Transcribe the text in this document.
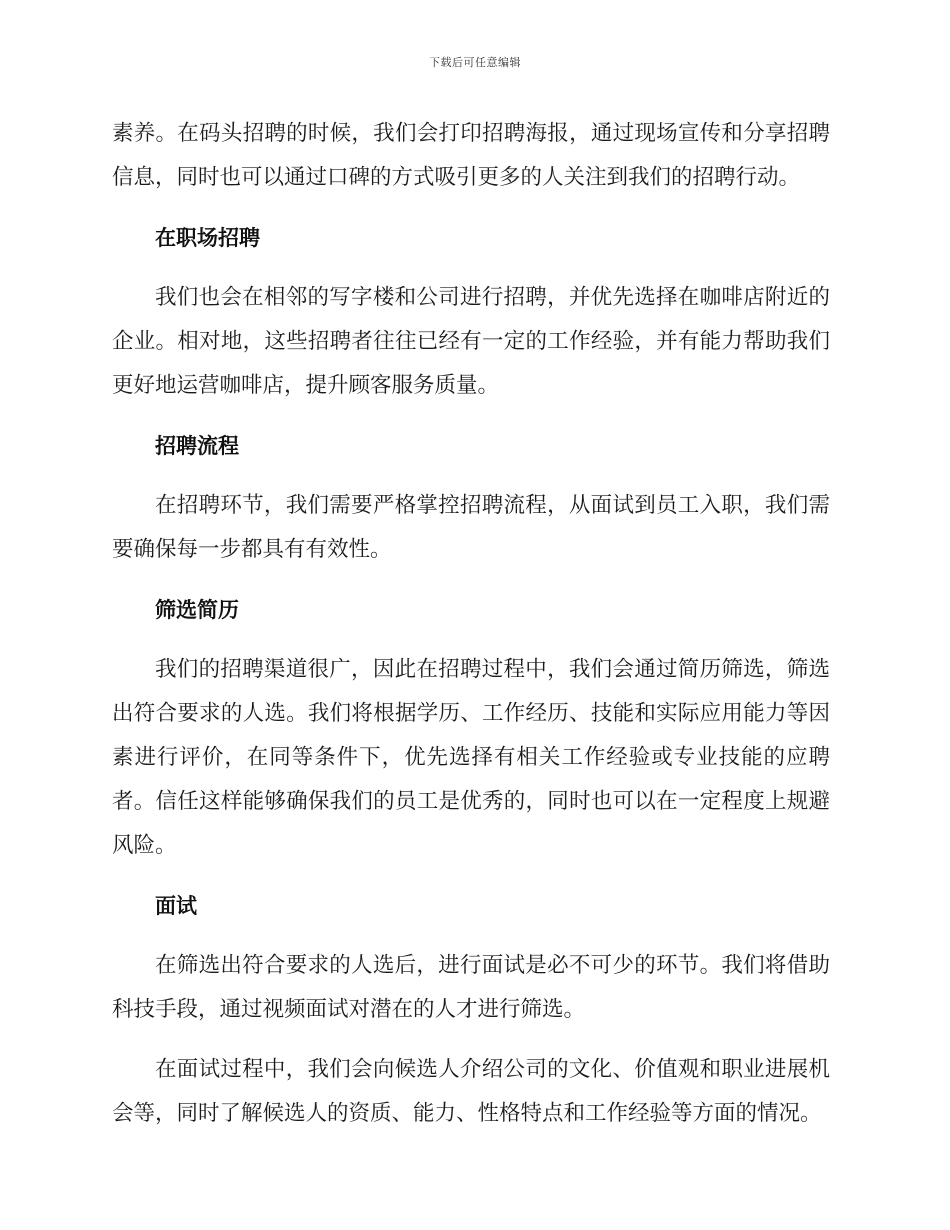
下载后可任意编辑

素养。在码头招聘的时候，我们会打印招聘海报，通过现场宣传和分享招聘信息，同时也可以通过口碑的方式吸引更多的人关注到我们的招聘行动。

在职场招聘

我们也会在相邻的写字楼和公司进行招聘，并优先选择在咖啡店附近的企业。相对地，这些招聘者往往已经有一定的工作经验，并有能力帮助我们更好地运营咖啡店，提升顾客服务质量。

招聘流程

在招聘环节，我们需要严格掌控招聘流程，从面试到员工入职，我们需要确保每一步都具有有效性。

筛选简历

我们的招聘渠道很广，因此在招聘过程中，我们会通过简历筛选，筛选出符合要求的人选。我们将根据学历、工作经历、技能和实际应用能力等因素进行评价，在同等条件下，优先选择有相关工作经验或专业技能的应聘者。信任这样能够确保我们的员工是优秀的，同时也可以在一定程度上规避风险。

面试

在筛选出符合要求的人选后，进行面试是必不可少的环节。我们将借助科技手段，通过视频面试对潜在的人才进行筛选。

在面试过程中，我们会向候选人介绍公司的文化、价值观和职业进展机会等，同时了解候选人的资质、能力、性格特点和工作经验等方面的情况。
